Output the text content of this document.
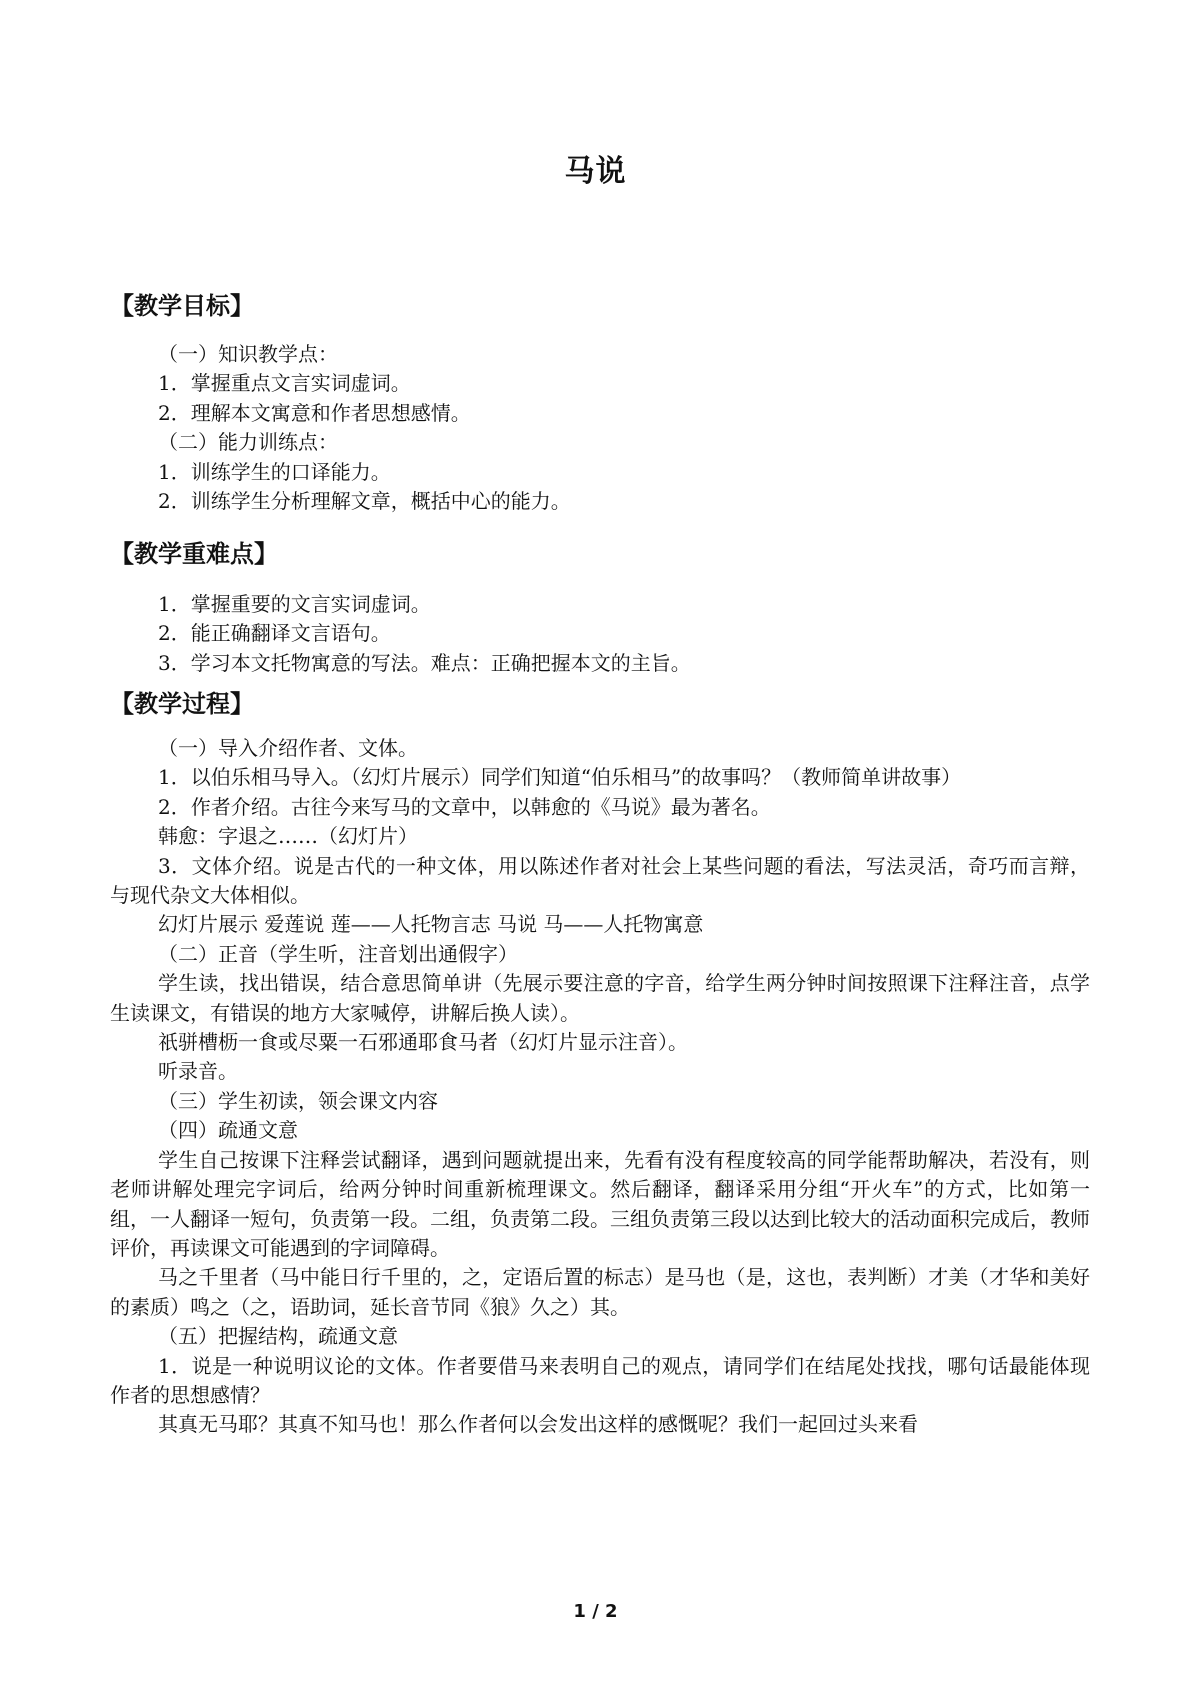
马说

【教学目标】

（一）知识教学点：

1．掌握重点文言实词虚词。

2．理解本文寓意和作者思想感情。

（二）能力训练点：

1．训练学生的口译能力。

2．训练学生分析理解文章，概括中心的能力。

【教学重难点】

1．掌握重要的文言实词虚词。

2．能正确翻译文言语句。

3．学习本文托物寓意的写法。难点：正确把握本文的主旨。

【教学过程】

（一）导入介绍作者、文体。

1．以伯乐相马导入。（幻灯片展示）同学们知道“伯乐相马”的故事吗？（教师简单讲故事）

2．作者介绍。古往今来写马的文章中，以韩愈的《马说》最为著名。

韩愈：字退之……（幻灯片）

3．文体介绍。说是古代的一种文体，用以陈述作者对社会上某些问题的看法，写法灵活，奇巧而言辩，与现代杂文大体相似。

幻灯片展示 爱莲说 莲——人托物言志 马说 马——人托物寓意

（二）正音（学生听，注音划出通假字）

学生读，找出错误，结合意思简单讲（先展示要注意的字音，给学生两分钟时间按照课下注释注音，点学生读课文，有错误的地方大家喊停，讲解后换人读）。

祇骈槽枥一食或尽粟一石邪通耶食马者（幻灯片显示注音）。

听录音。

（三）学生初读，领会课文内容

（四）疏通文意

学生自己按课下注释尝试翻译，遇到问题就提出来，先看有没有程度较高的同学能帮助解决，若没有，则老师讲解处理完字词后，给两分钟时间重新梳理课文。然后翻译，翻译采用分组“开火车”的方式，比如第一组，一人翻译一短句，负责第一段。二组，负责第二段。三组负责第三段以达到比较大的活动面积完成后，教师评价，再读课文可能遇到的字词障碍。

马之千里者（马中能日行千里的，之，定语后置的标志）是马也（是，这也，表判断）才美（才华和美好的素质）鸣之（之，语助词，延长音节同《狼》久之）其。

（五）把握结构，疏通文意

1．说是一种说明议论的文体。作者要借马来表明自己的观点，请同学们在结尾处找找，哪句话最能体现作者的思想感情？

其真无马耶？其真不知马也！那么作者何以会发出这样的感慨呢？我们一起回过头来看

1 / 2
